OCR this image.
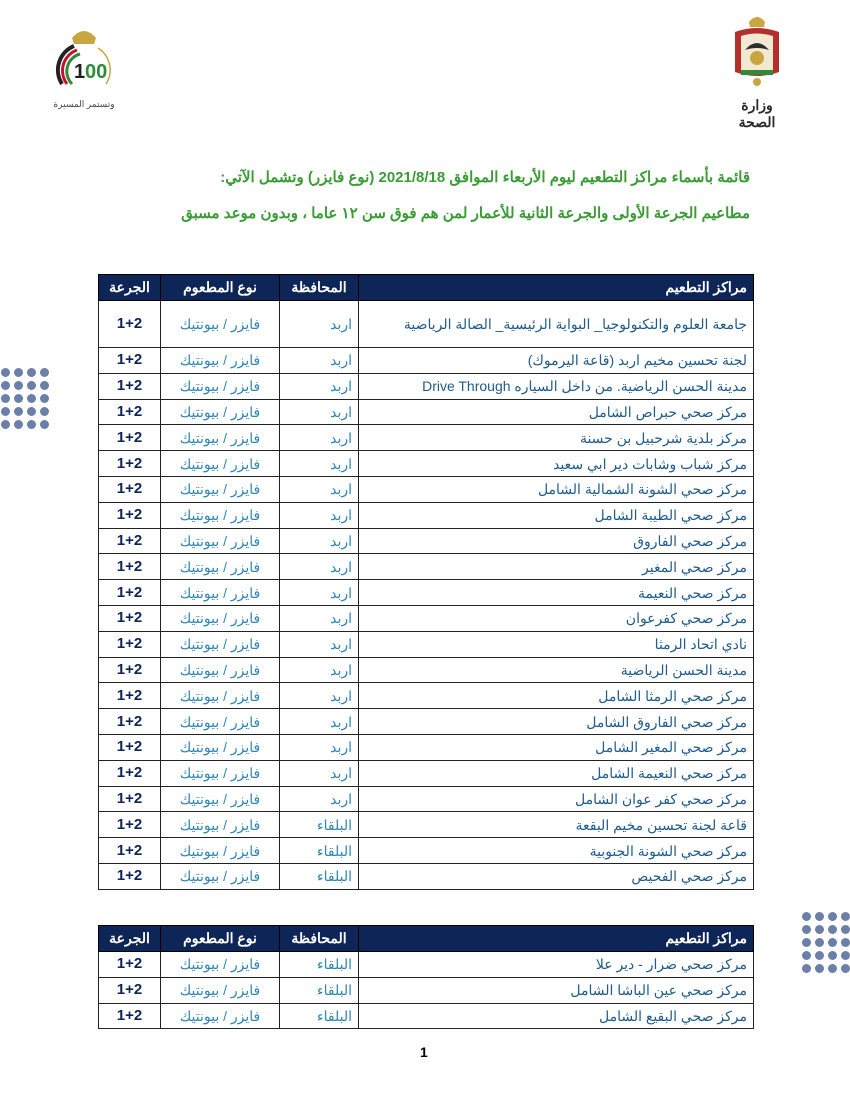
1 00
وتستمر المسيرة	وزارة الصحة
قائمة بأسماء مراكز التطعيم ليوم الأربعاء الموافق 2021/8/18 (نوع فايزر) وتشمل الآتي:
مطاعيم الجرعة الأولى والجرعة الثانية للأعمار لمن هم فوق سن ١٢ عاما ، وبدون موعد مسبق
مراكز التطعيم	المحافظة	نوع المطعوم	الجرعة
جامعة العلوم والتكنولوجيا_ البواية الرئيسية_ الصالة الرياضية	اربد	فايزر / بيونتيك	1+2
لجنة تحسين مخيم اربد (قاعة اليرموك)	اربد	فايزر / بيونتيك	1+2
مدينة الحسن الرياضية. من داخل السياره Drive Through	اربد	فايزر / بيونتيك	1+2
مركز صحي حبراص الشامل	اربد	فايزر / بيونتيك	1+2
مركز بلدية شرحبيل بن حسنة	اربد	فايزر / بيونتيك	1+2
مركز شباب وشابات دير ابي سعيد	اربد	فايزر / بيونتيك	1+2
مركز صحي الشونة الشمالية الشامل	اربد	فايزر / بيونتيك	1+2
مركز صحي الطيبة الشامل	اربد	فايزر / بيونتيك	1+2
مركز صحي الفاروق	اربد	فايزر / بيونتيك	1+2
مركز صحي المغير	اربد	فايزر / بيونتيك	1+2
مركز صحي النعيمة	اربد	فايزر / بيونتيك	1+2
مركز صحي كفرعوان	اربد	فايزر / بيونتيك	1+2
نادي اتحاد الرمثا	اربد	فايزر / بيونتيك	1+2
مدينة الحسن الرياضية	اربد	فايزر / بيونتيك	1+2
مركز صحي الرمثا الشامل	اربد	فايزر / بيونتيك	1+2
مركز صحي الفاروق الشامل	اربد	فايزر / بيونتيك	1+2
مركز صحي المغير الشامل	اربد	فايزر / بيونتيك	1+2
مركز صحي النعيمة الشامل	اربد	فايزر / بيونتيك	1+2
مركز صحي كفر عوان الشامل	اربد	فايزر / بيونتيك	1+2
قاعة لجنة تحسين مخيم البقعة	البلقاء	فايزر / بيونتيك	1+2
مركز صحي الشونة الجنوبية	البلقاء	فايزر / بيونتيك	1+2
مركز صحي الفحيص	البلقاء	فايزر / بيونتيك	1+2
مراكز التطعيم	المحافظة	نوع المطعوم	الجرعة
مركز صحي ضرار - دير علا	البلقاء	فايزر / بيونتيك	1+2
مركز صحي عين الباشا الشامل	البلقاء	فايزر / بيونتيك	1+2
مركز صحي البقيع الشامل	البلقاء	فايزر / بيونتيك	1+2
1
